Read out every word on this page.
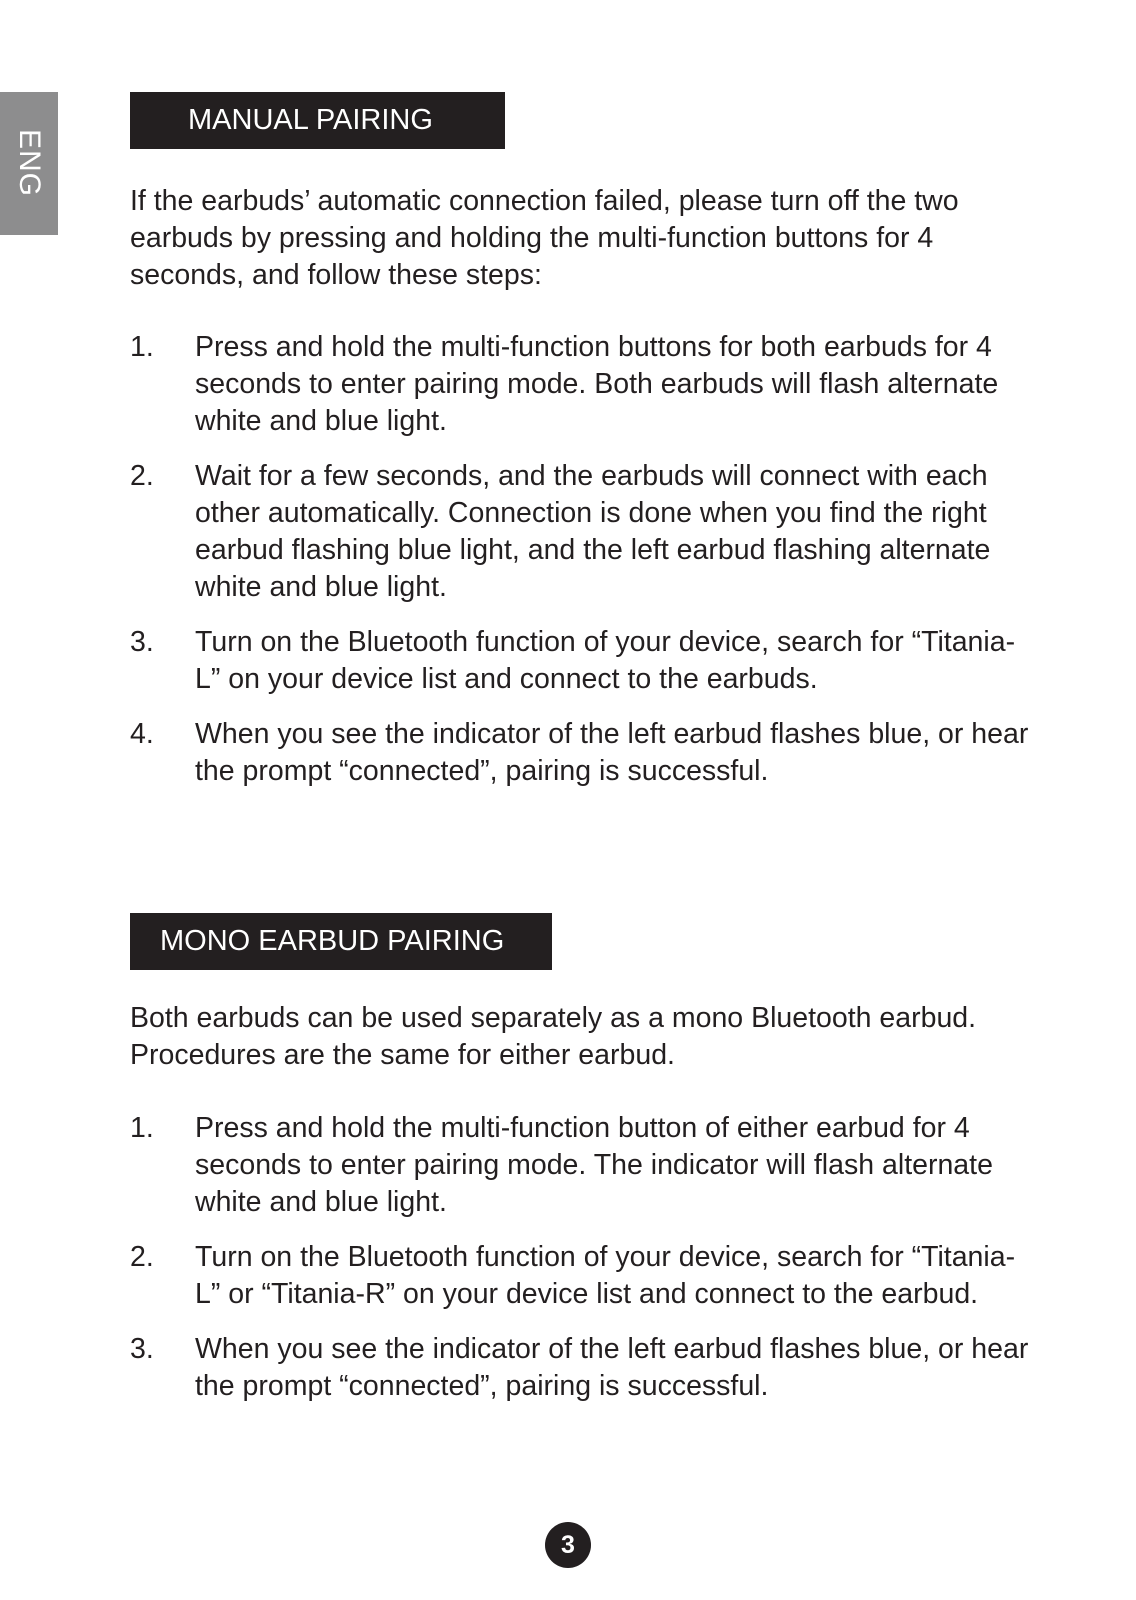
ENG
MANUAL PAIRING

If the earbuds’ automatic connection failed, please turn off the two earbuds by pressing and holding the multi-function buttons for 4 seconds, and follow these steps:

1. Press and hold the multi-function buttons for both earbuds for 4 seconds to enter pairing mode. Both earbuds will flash alternate white and blue light.
2. Wait for a few seconds, and the earbuds will connect with each other automatically. Connection is done when you find the right earbud flashing blue light, and the left earbud flashing alternate white and blue light.
3. Turn on the Bluetooth function of your device, search for “Titania-L” on your device list and connect to the earbuds.
4. When you see the indicator of the left earbud flashes blue, or hear the prompt “connected”, pairing is successful.
MONO EARBUD PAIRING

Both earbuds can be used separately as a mono Bluetooth earbud. Procedures are the same for either earbud.

1. Press and hold the multi-function button of either earbud for 4 seconds to enter pairing mode. The indicator will flash alternate white and blue light.
2. Turn on the Bluetooth function of your device, search for “Titania-L” or “Titania-R” on your device list and connect to the earbud.
3. When you see the indicator of the left earbud flashes blue, or hear the prompt “connected”, pairing is successful.
3
